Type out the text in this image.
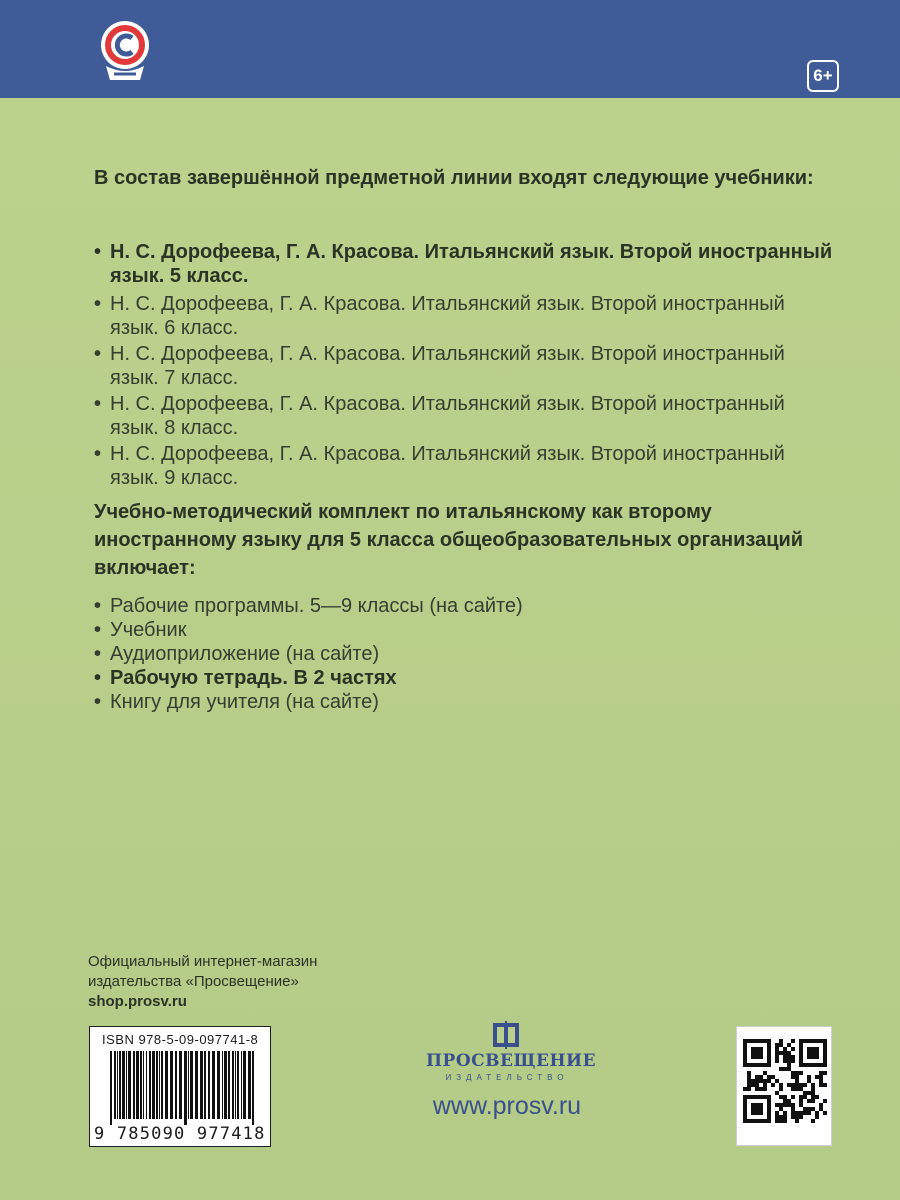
6+
В состав завершённой предметной линии входят следующие учебники:
• Н. С. Дорофеева, Г. А. Красова. Итальянский язык. Второй иностранный язык. 5 класс.
• Н. С. Дорофеева, Г. А. Красова. Итальянский язык. Второй иностранный язык. 6 класс.
• Н. С. Дорофеева, Г. А. Красова. Итальянский язык. Второй иностранный язык. 7 класс.
• Н. С. Дорофеева, Г. А. Красова. Итальянский язык. Второй иностранный язык. 8 класс.
• Н. С. Дорофеева, Г. А. Красова. Итальянский язык. Второй иностранный язык. 9 класс.
Учебно-методический комплект по итальянскому как второму иностранному языку для 5 класса общеобразовательных организаций включает:
• Рабочие программы. 5—9 классы (на сайте)
• Учебник
• Аудиоприложение (на сайте)
• Рабочую тетрадь. В 2 частях
• Книгу для учителя (на сайте)
Официальный интернет-магазин
издательства «Просвещение»
shop.prosv.ru
ISBN 978-5-09-097741-8
9 785090 977418
ПРОСВЕЩЕНИЕ
ИЗДАТЕЛЬСТВО
www.prosv.ru
